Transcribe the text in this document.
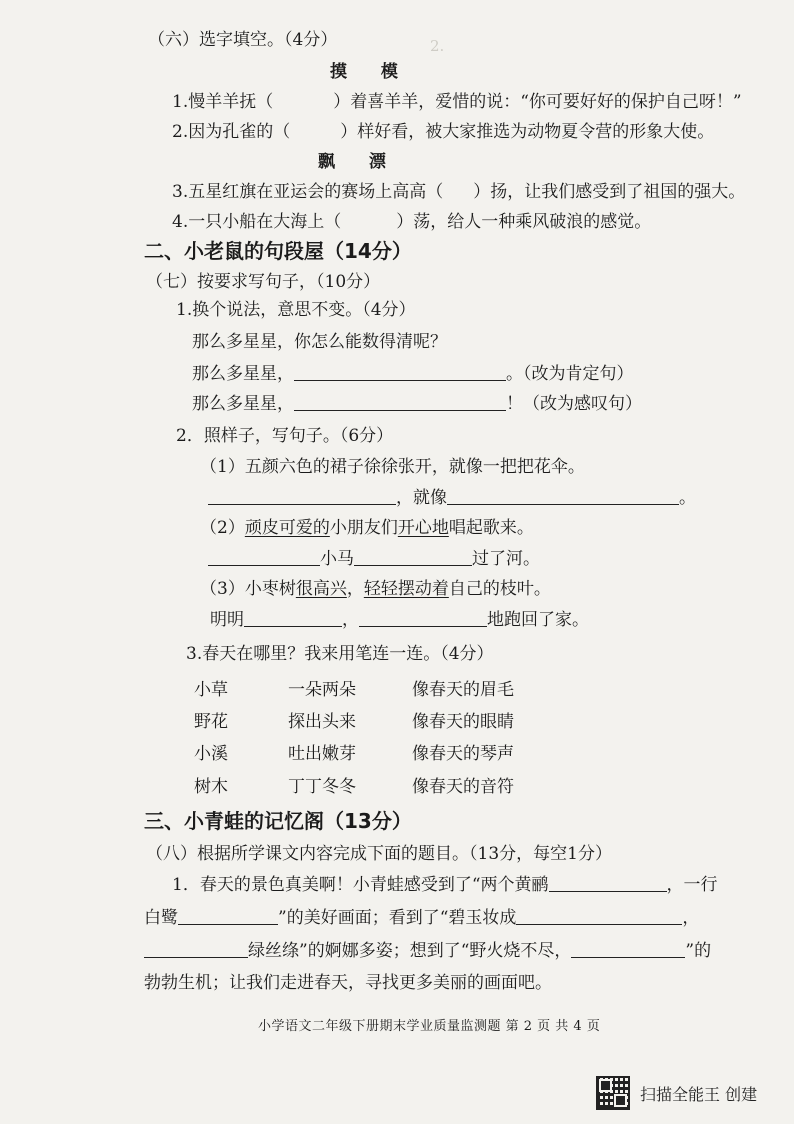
2.　　　　　　　　　　　　　　　　　
（六）选字填空。（4分）
摸 模
1.慢羊羊抚（	）着喜羊羊，爱惜的说：“你可要好好的保护自己呀！”
2.因为孔雀的（	）样好看，被大家推选为动物夏令营的形象大使。
飘 漂
3.五星红旗在亚运会的赛场上高高（ ）扬，让我们感受到了祖国的强大。
4.一只小船在大海上（	）荡，给人一种乘风破浪的感觉。
二、小老鼠的句段屋（14分）
（七）按要求写句子，（10分）
1.换个说法，意思不变。（4分）
那么多星星，你怎么能数得清呢？
那么多星星，	。（改为肯定句）
那么多星星，	！（改为感叹句）
2．照样子，写句子。（6分）
（1）五颜六色的裙子徐徐张开，就像一把把花伞。
，就像	。
（2）顽皮可爱的小朋友们开心地唱起歌来。
小马	过了河。
（3）小枣树很高兴，轻轻摆动着自己的枝叶。
明明	，	地跑回了家。
3.春天在哪里？我来用笔连一连。（4分）
小草	一朵两朵	像春天的眉毛
野花	探出头来	像春天的眼睛
小溪	吐出嫩芽	像春天的琴声
树木	丁丁冬冬	像春天的音符
三、小青蛙的记忆阁（13分）
（八）根据所学课文内容完成下面的题目。（13分，每空1分）
1．春天的景色真美啊！小青蛙感受到了“两个黄鹂	，一行
白鹭	”的美好画面；看到了“碧玉妆成	，
绿丝绦”的婀娜多姿；想到了“野火烧不尽，	”的
勃勃生机；让我们走进春天，寻找更多美丽的画面吧。
小学语文二年级下册期末学业质量监测题 第 2 页 共 4 页
扫描全能王 创建
